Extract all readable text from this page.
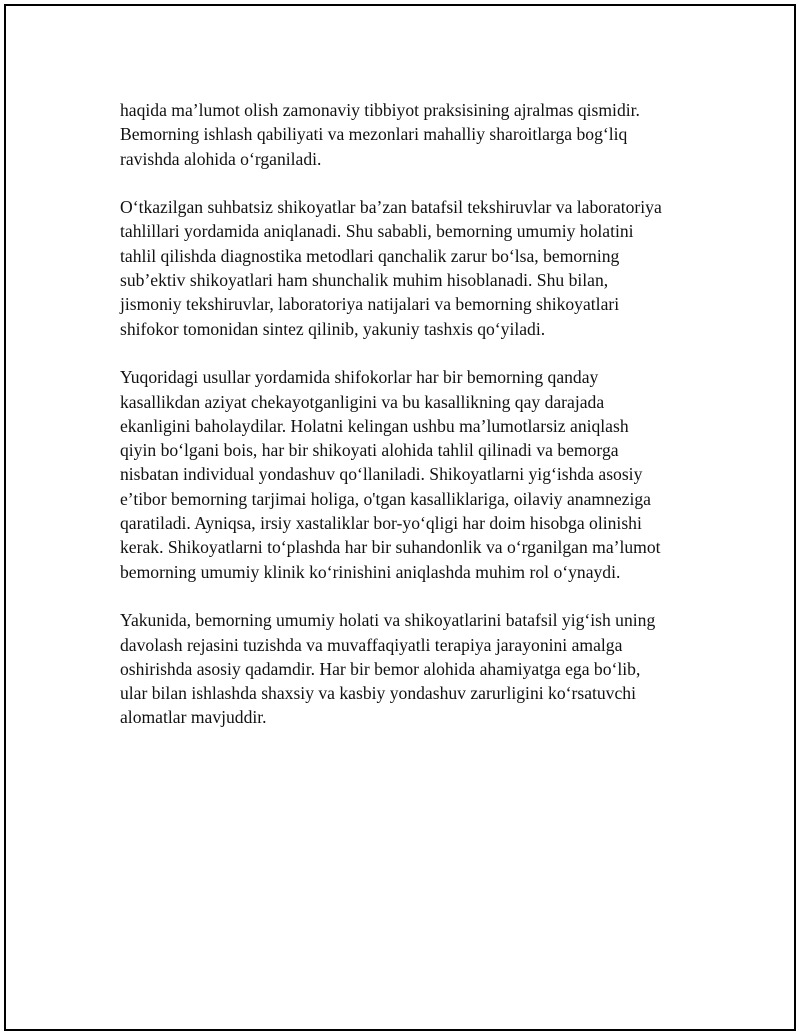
haqida ma’lumot olish zamonaviy tibbiyot praksisining ajralmas qismidir.
Bemorning ishlash qabiliyati va mezonlari mahalliy sharoitlarga bog‘liq
ravishda alohida o‘rganiladi.

O‘tkazilgan suhbatsiz shikoyatlar ba’zan batafsil tekshiruvlar va laboratoriya
tahlillari yordamida aniqlanadi. Shu sababli, bemorning umumiy holatini
tahlil qilishda diagnostika metodlari qanchalik zarur bo‘lsa, bemorning
sub’ektiv shikoyatlari ham shunchalik muhim hisoblanadi. Shu bilan,
jismoniy tekshiruvlar, laboratoriya natijalari va bemorning shikoyatlari
shifokor tomonidan sintez qilinib, yakuniy tashxis qo‘yiladi.

Yuqoridagi usullar yordamida shifokorlar har bir bemorning qanday
kasallikdan aziyat chekayotganligini va bu kasallikning qay darajada
ekanligini baholaydilar. Holatni kelingan ushbu ma’lumotlarsiz aniqlash
qiyin bo‘lgani bois, har bir shikoyati alohida tahlil qilinadi va bemorga
nisbatan individual yondashuv qo‘llaniladi. Shikoyatlarni yig‘ishda asosiy
e’tibor bemorning tarjimai holiga, o'tgan kasalliklariga, oilaviy anamneziga
qaratiladi. Ayniqsa, irsiy xastaliklar bor-yo‘qligi har doim hisobga olinishi
kerak. Shikoyatlarni to‘plashda har bir suhandonlik va o‘rganilgan ma’lumot
bemorning umumiy klinik ko‘rinishini aniqlashda muhim rol o‘ynaydi.

Yakunida, bemorning umumiy holati va shikoyatlarini batafsil yig‘ish uning
davolash rejasini tuzishda va muvaffaqiyatli terapiya jarayonini amalga
oshirishda asosiy qadamdir. Har bir bemor alohida ahamiyatga ega bo‘lib,
ular bilan ishlashda shaxsiy va kasbiy yondashuv zarurligini ko‘rsatuvchi
alomatlar mavjuddir.
